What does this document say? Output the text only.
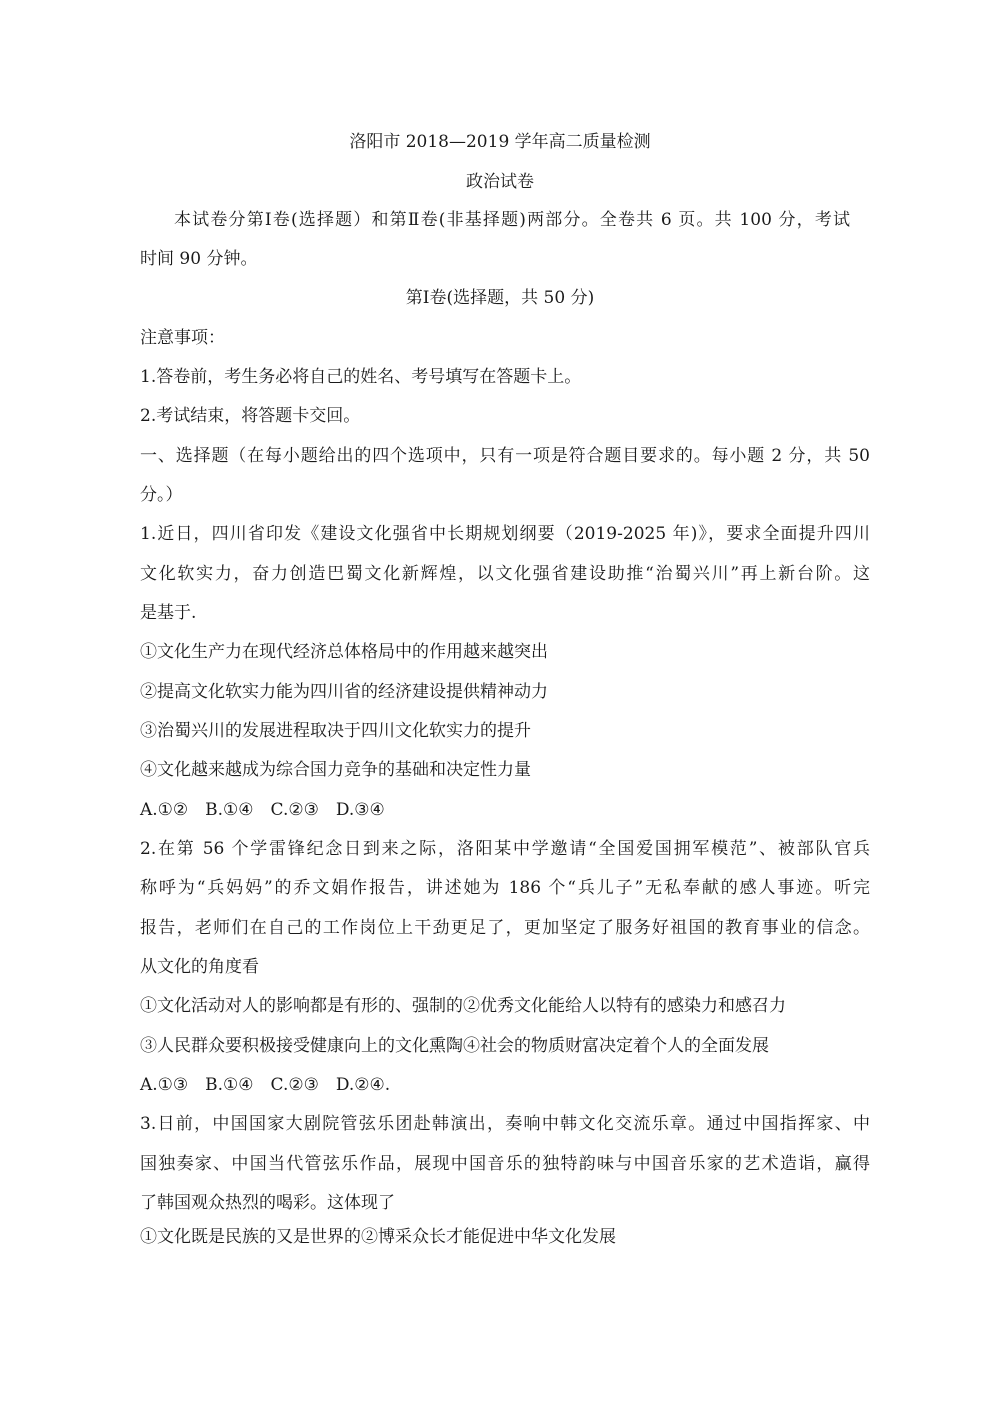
洛阳市 2018—2019 学年高二质量检测

政治试卷

本试卷分第Ⅰ卷(选择题）和第Ⅱ卷(非基择题)两部分。全卷共 6 页。共 100 分，考试

时间 90 分钟。

第Ⅰ卷(选择题，共 50 分)

注意事项：

1.答卷前，考生务必将自己的姓名、考号填写在答题卡上。

2.考试结束，将答题卡交回。

一、选择题（在每小题给出的四个选项中，只有一项是符合题目要求的。每小题 2 分，共 50

分。）

1.近日，四川省印发《建设文化强省中长期规划纲要（2019-2025 年)》，要求全面提升四川

文化软实力，奋力创造巴蜀文化新辉煌，以文化强省建设助推“治蜀兴川”再上新台阶。这

是基于.

①文化生产力在现代经济总体格局中的作用越来越突出

②提高文化软实力能为四川省的经济建设提供精神动力

③治蜀兴川的发展进程取决于四川文化软实力的提升

④文化越来越成为综合国力竞争的基础和决定性力量

A.①②　B.①④　C.②③　D.③④

2.在第 56 个学雷锋纪念日到来之际，洛阳某中学邀请“全国爱国拥军模范”、被部队官兵

称呼为“兵妈妈”的乔文娟作报告，讲述她为 186 个“兵儿子”无私奉献的感人事迹。听完

报告，老师们在自己的工作岗位上干劲更足了，更加坚定了服务好祖国的教育事业的信念。

从文化的角度看

①文化活动对人的影响都是有形的、强制的②优秀文化能给人以特有的感染力和感召力

③人民群众要积极接受健康向上的文化熏陶④社会的物质财富决定着个人的全面发展

A.①③　B.①④　C.②③　D.②④.

3.日前，中国国家大剧院管弦乐团赴韩演出，奏响中韩文化交流乐章。通过中国指挥家、中

国独奏家、中国当代管弦乐作品，展现中国音乐的独特韵味与中国音乐家的艺术造诣，赢得

了韩国观众热烈的喝彩。这体现了

①文化既是民族的又是世界的②博采众长才能促进中华文化发展
